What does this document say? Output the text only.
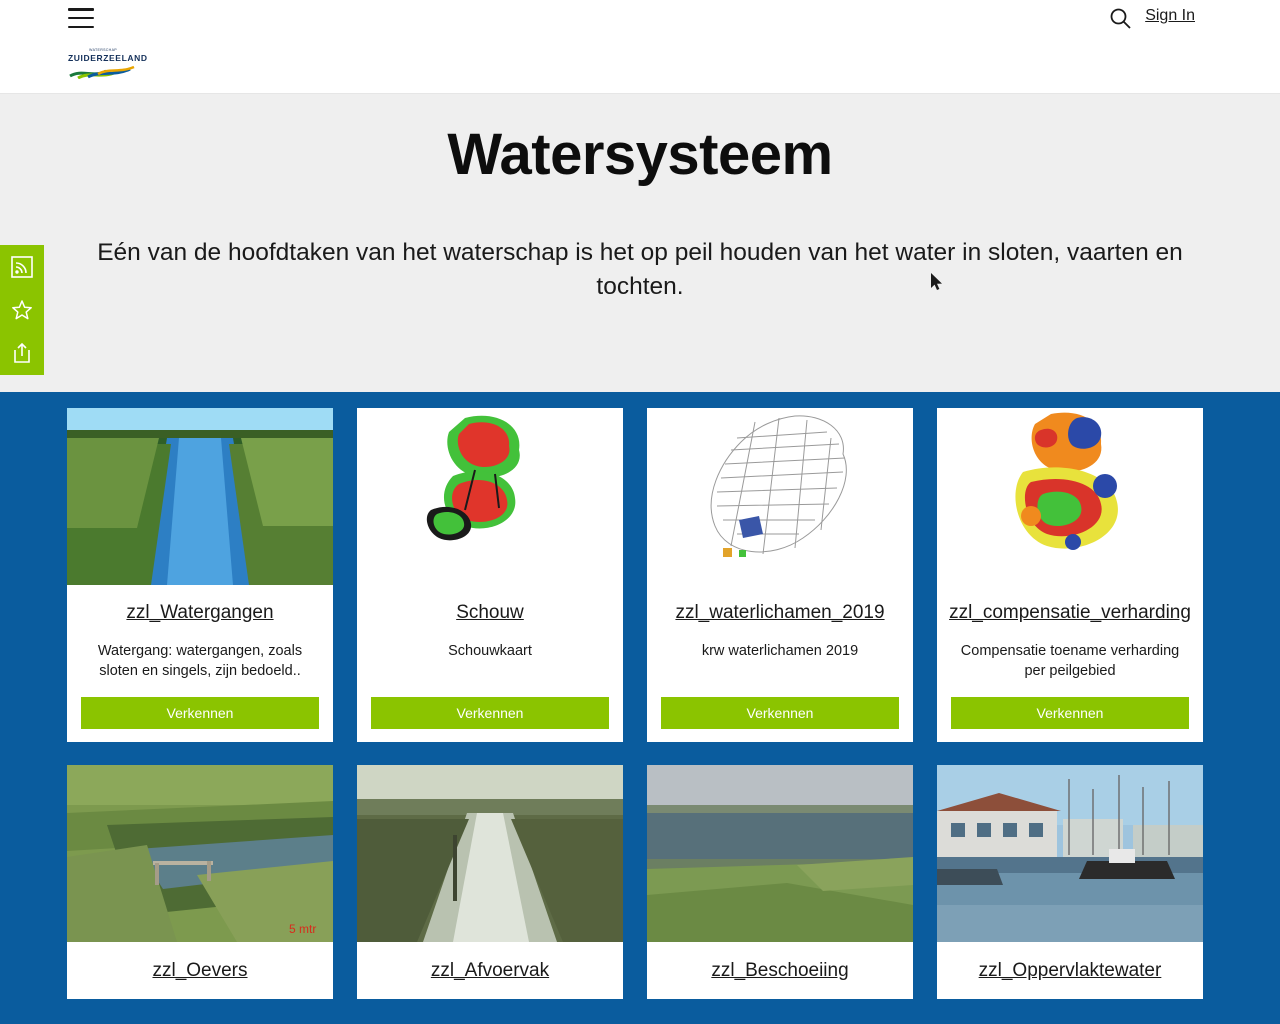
WATERSCHAP
ZUIDERZEELAND
Sign In
Watersysteem

Eén van de hoofdtaken van het waterschap is het op peil houden van het water in sloten, vaarten en tochten.

zzl_Watergangen
Watergang: watergangen, zoals sloten en singels, zijn bedoeld..
Verkennen
Schouw
Schouwkaart
Verkennen
zzl_waterlichamen_2019
krw waterlichamen 2019
Verkennen
zzl_compensatie_verharding
Compensatie toename verharding per peilgebied
Verkennen
5 mtr
zzl_Oevers	zzl_Afvoervak	zzl_Beschoeiing	zzl_Oppervlaktewater
